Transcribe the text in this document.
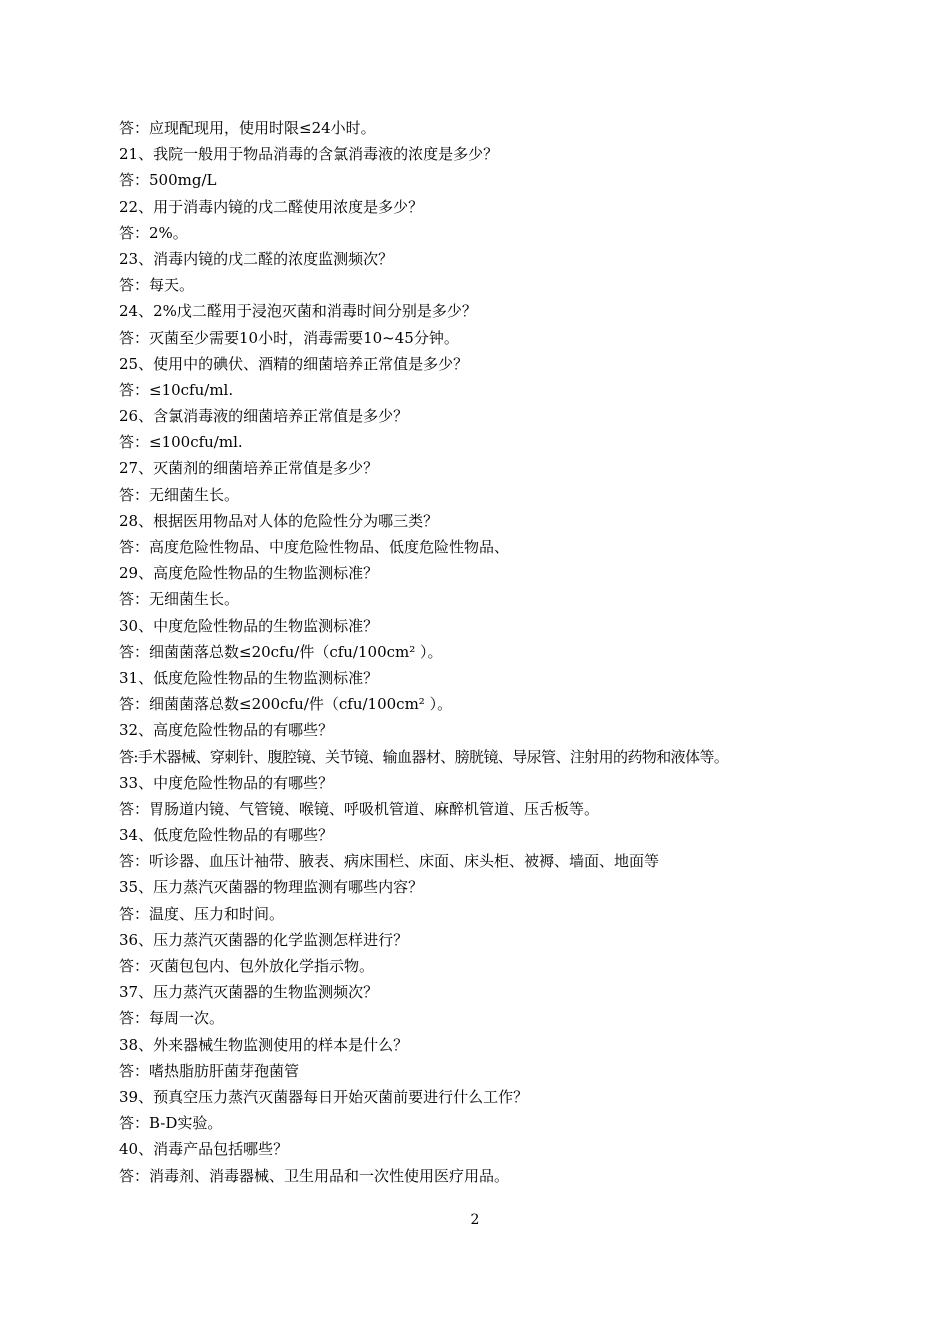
答：应现配现用，使用时限≤24小时。
21、我院一般用于物品消毒的含氯消毒液的浓度是多少？
答：500mg/L
22、用于消毒内镜的戊二醛使用浓度是多少？
答：2%。
23、消毒内镜的戊二醛的浓度监测频次？
答：每天。
24、2%戊二醛用于浸泡灭菌和消毒时间分别是多少？
答：灭菌至少需要10小时，消毒需要10~45分钟。
25、使用中的碘伏、酒精的细菌培养正常值是多少？
答：≤10cfu/ml.
26、含氯消毒液的细菌培养正常值是多少？
答：≤100cfu/ml.
27、灭菌剂的细菌培养正常值是多少？
答：无细菌生长。
28、根据医用物品对人体的危险性分为哪三类？
答：高度危险性物品、中度危险性物品、低度危险性物品、
29、高度危险性物品的生物监测标准？
答：无细菌生长。
30、中度危险性物品的生物监测标准？
答：细菌菌落总数≤20cfu/件（cfu/100cm² ）。
31、低度危险性物品的生物监测标准？
答：细菌菌落总数≤200cfu/件（cfu/100cm² ）。
32、高度危险性物品的有哪些？
答:手术器械、穿刺针、腹腔镜、关节镜、输血器材、膀胱镜、导尿管、注射用的药物和液体等。
33、中度危险性物品的有哪些？
答：胃肠道内镜、气管镜、喉镜、呼吸机管道、麻醉机管道、压舌板等。
34、低度危险性物品的有哪些？
答：听诊器、血压计袖带、腋表、病床围栏、床面、床头柜、被褥、墙面、地面等
35、压力蒸汽灭菌器的物理监测有哪些内容？
答：温度、压力和时间。
36、压力蒸汽灭菌器的化学监测怎样进行？
答：灭菌包包内、包外放化学指示物。
37、压力蒸汽灭菌器的生物监测频次？
答：每周一次。
38、外来器械生物监测使用的样本是什么？
答：嗜热脂肪肝菌芽孢菌管
39、预真空压力蒸汽灭菌器每日开始灭菌前要进行什么工作？
答：B-D实验。
40、消毒产品包括哪些？
答：消毒剂、消毒器械、卫生用品和一次性使用医疗用品。
2
